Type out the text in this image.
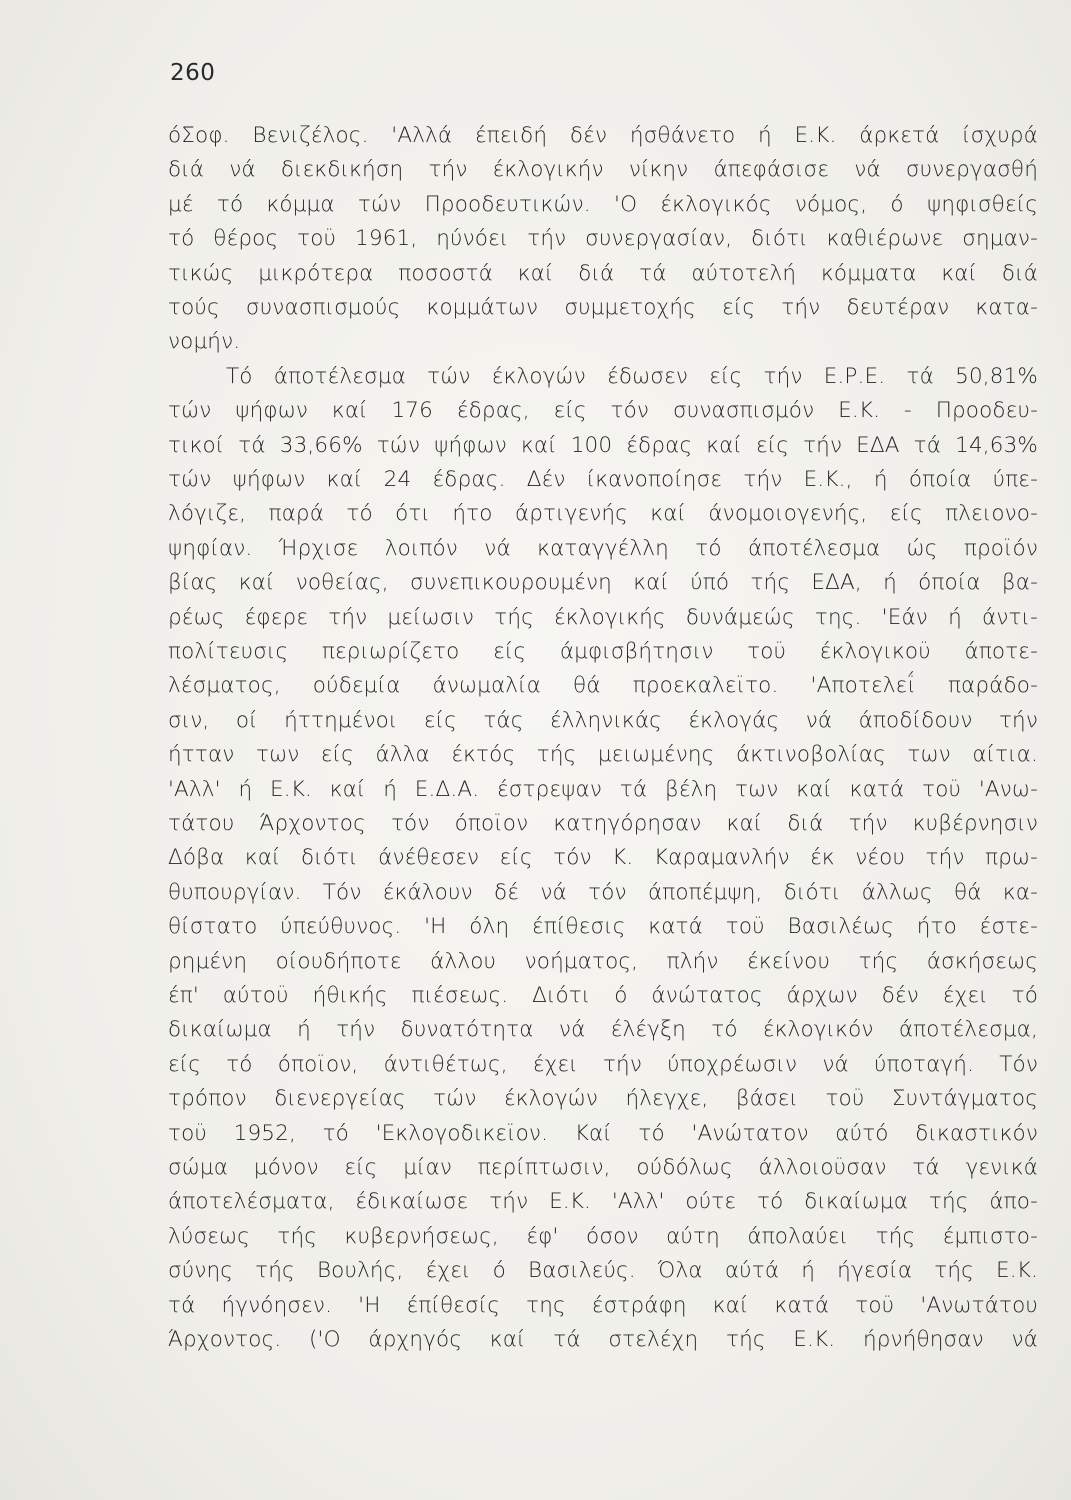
260
όΣοφ. Βενιζέλος. 'Αλλά έπειδή δέν ήσθάνετο ή Ε.Κ. άρκετά ίσχυρά
διά νά διεκδικήση τήν έκλογικήν νίκην άπεφάσισε νά συνεργασθή
μέ τό κόμμα τών Προοδευτικών. 'Ο έκλογικός νόμος, ό ψηφισθείς
τό θέρος τοϋ 1961, ηύνόει τήν συνεργασίαν, διότι καθιέρωνε σημαν-
τικώς μικρότερα ποσοστά καί διά τά αύτοτελή κόμματα καί διά
τούς συνασπισμούς κομμάτων συμμετοχής είς τήν δευτέραν κατα-
νομήν.
Τό άποτέλεσμα τών έκλογών έδωσεν είς τήν Ε.Ρ.Ε. τά 50,81%
τών ψήφων καί 176 έδρας, είς τόν συνασπισμόν Ε.Κ. - Προοδευ-
τικοί τά 33,66% τών ψήφων καί 100 έδρας καί είς τήν ΕΔΑ τά 14,63%
τών ψήφων καί 24 έδρας. Δέν ίκανοποίησε τήν Ε.Κ., ή όποία ύπε-
λόγιζε, παρά τό ότι ήτο άρτιγενής καί άνομοιογενής, είς πλειονο-
ψηφίαν. Ήρχισε λοιπόν νά καταγγέλλη τό άποτέλεσμα ώς προϊόν
βίας καί νοθείας, συνεπικουρουμένη καί ύπό τής ΕΔΑ, ή όποία βα-
ρέως έφερε τήν μείωσιν τής έκλογικής δυνάμεώς της. 'Εάν ή άντι-
πολίτευσις περιωρίζετο είς άμφισβήτησιν τοϋ έκλογικοϋ άποτε-
λέσματος, ούδεμία άνωμαλία θά προεκαλεϊτο. 'Αποτελεΐ παράδο-
σιν, οί ήττημένοι είς τάς έλληνικάς έκλογάς νά άποδίδουν τήν
ήτταν των είς άλλα έκτός τής μειωμένης άκτινοβολίας των αίτια.
'Αλλ' ή Ε.Κ. καί ή Ε.Δ.Α. έστρεψαν τά βέλη των καί κατά τοϋ 'Ανω-
τάτου Άρχοντος τόν όποϊον κατηγόρησαν καί διά τήν κυβέρνησιν
Δόβα καί διότι άνέθεσεν είς τόν Κ. Καραμανλήν έκ νέου τήν πρω-
θυπουργίαν. Τόν έκάλουν δέ νά τόν άποπέμψη, διότι άλλως θά κα-
θίστατο ύπεύθυνος. 'Η όλη έπίθεσις κατά τοϋ Βασιλέως ήτο έστε-
ρημένη οίουδήποτε άλλου νοήματος, πλήν έκείνου τής άσκήσεως
έπ' αύτοϋ ήθικής πιέσεως. Διότι ό άνώτατος άρχων δέν έχει τό
δικαίωμα ή τήν δυνατότητα νά έλέγξη τό έκλογικόν άποτέλεσμα,
είς τό όποϊον, άντιθέτως, έχει τήν ύποχρέωσιν νά ύποταγή. Τόν
τρόπον διενεργείας τών έκλογών ήλεγχε, βάσει τοϋ Συντάγματος
τοϋ 1952, τό 'Εκλογοδικεϊον. Καί τό 'Ανώτατον αύτό δικαστικόν
σώμα μόνον είς μίαν περίπτωσιν, ούδόλως άλλοιοϋσαν τά γενικά
άποτελέσματα, έδικαίωσε τήν Ε.Κ. 'Αλλ' ούτε τό δικαίωμα τής άπο-
λύσεως τής κυβερνήσεως, έφ' όσον αύτη άπολαύει τής έμπιστο-
σύνης τής Βουλής, έχει ό Βασιλεύς. Όλα αύτά ή ήγεσία τής Ε.Κ.
τά ήγνόησεν. 'Η έπίθεσίς της έστράφη καί κατά τοϋ 'Ανωτάτου
Άρχοντος. ('Ο άρχηγός καί τά στελέχη τής Ε.Κ. ήρνήθησαν νά
